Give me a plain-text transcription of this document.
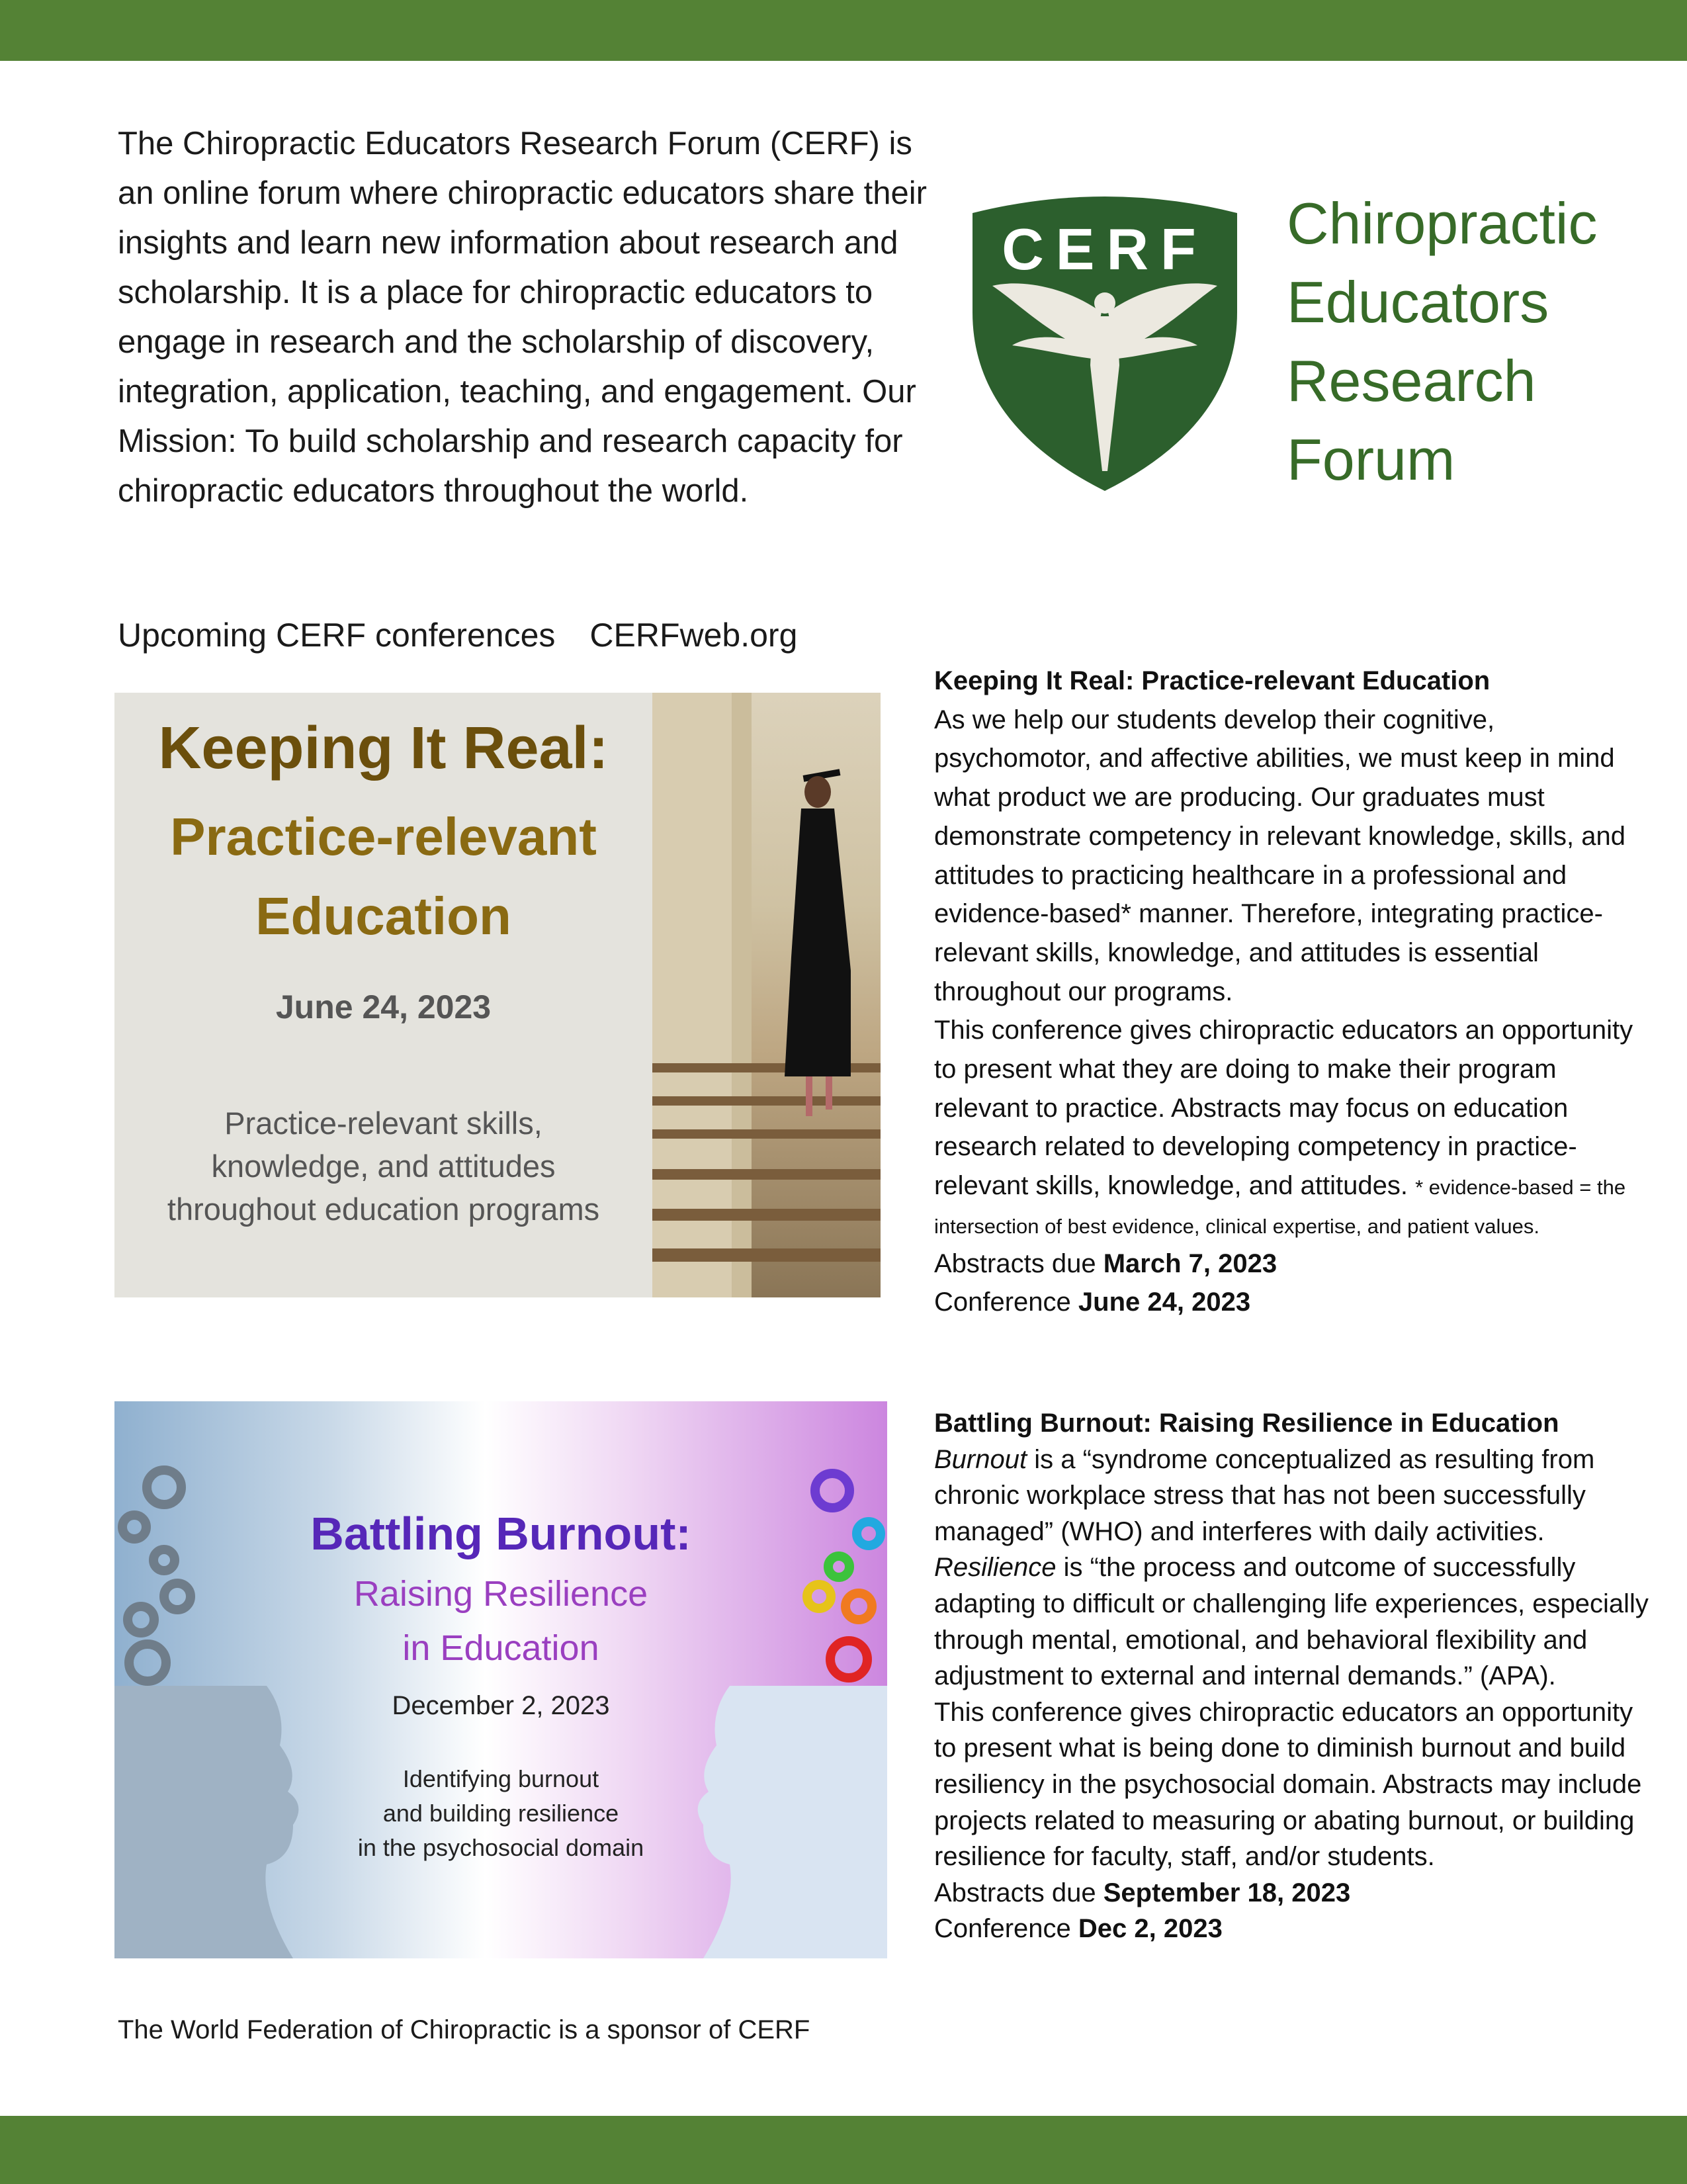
The Chiropractic Educators Research Forum (CERF) is an online forum where chiropractic educators share their insights and learn new information about research and scholarship. It is a place for chiropractic educators to engage in research and the scholarship of discovery, integration, application, teaching, and engagement. Our Mission: To build scholarship and research capacity for chiropractic educators throughout the world.
CERF Chiropractic
Educators
Research
Forum
Upcoming CERF conferences CERFweb.org
Keeping It Real:
Practice-relevant
Education
June 24, 2023
Practice-relevant skills,
knowledge, and attitudes
throughout education programs

Keeping It Real: Practice-relevant Education

As we help our students develop their cognitive, psychomotor, and affective abilities, we must keep in mind what product we are producing. Our graduates must demonstrate competency in relevant knowledge, skills, and attitudes to practicing healthcare in a professional and evidence-based* manner. Therefore, integrating practice-relevant skills, knowledge, and attitudes is essential throughout our programs.

This conference gives chiropractic educators an opportunity to present what they are doing to make their program relevant to practice. Abstracts may focus on education research related to developing competency in practice-relevant skills, knowledge, and attitudes. * evidence-based = the intersection of best evidence, clinical expertise, and patient values.

Abstracts due March 7, 2023

Conference June 24, 2023

Battling Burnout:
Raising Resilience
in Education
December 2, 2023
Identifying burnout
and building resilience
in the psychosocial domain

Battling Burnout: Raising Resilience in Education

Burnout is a “syndrome conceptualized as resulting from chronic workplace stress that has not been successfully managed” (WHO) and interferes with daily activities. Resilience is “the process and outcome of successfully adapting to difficult or challenging life experiences, especially through mental, emotional, and behavioral flexibility and adjustment to external and internal demands.” (APA).

This conference gives chiropractic educators an opportunity to present what is being done to diminish burnout and build resiliency in the psychosocial domain. Abstracts may include projects related to measuring or abating burnout, or building resilience for faculty, staff, and/or students.

Abstracts due September 18, 2023

Conference Dec 2, 2023

The World Federation of Chiropractic is a sponsor of CERF
